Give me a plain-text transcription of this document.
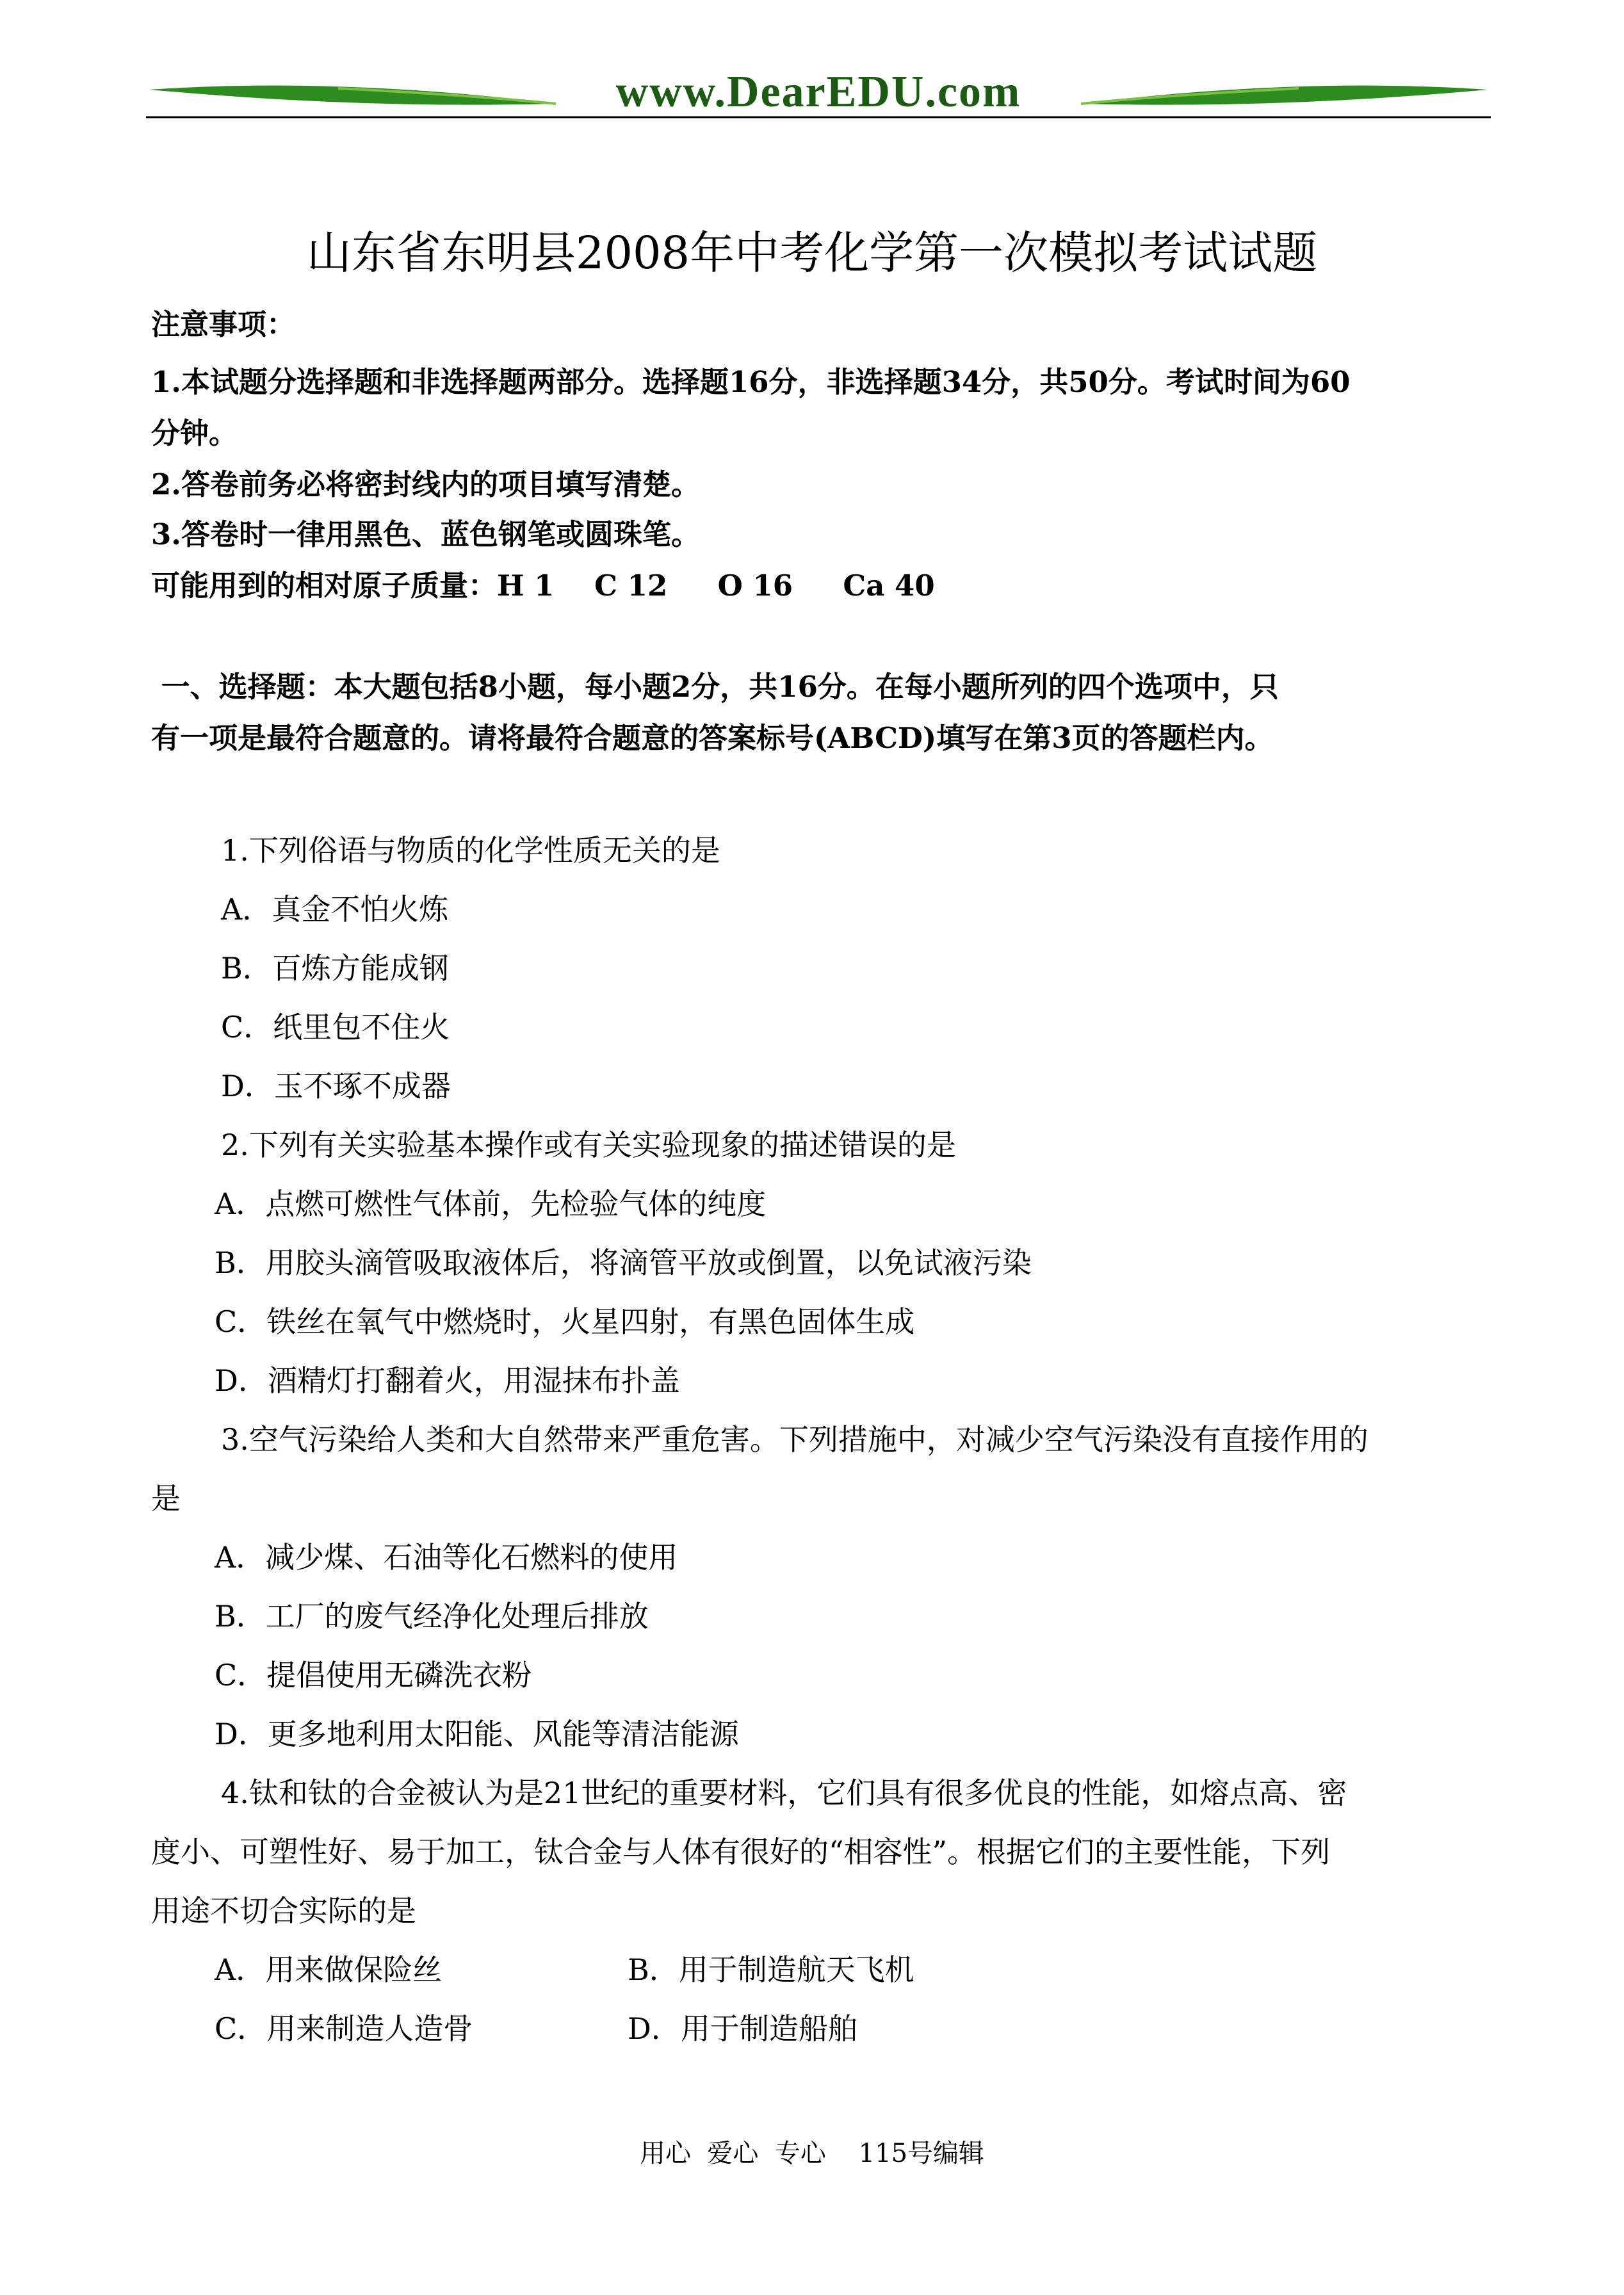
www.DearEDU.com
山东省东明县2008年中考化学第一次模拟考试试题
注意事项：
1.本试题分选择题和非选择题两部分。选择题16分，非选择题34分，共50分。考试时间为60
分钟。
2.答卷前务必将密封线内的项目填写清楚。
3.答卷时一律用黑色、蓝色钢笔或圆珠笔。
可能用到的相对原子质量：H 1    C 12     O 16     Ca 40
一、选择题：本大题包括8小题，每小题2分，共16分。在每小题所列的四个选项中，只
有一项是最符合题意的。请将最符合题意的答案标号(ABCD)填写在第3页的答题栏内。
1.下列俗语与物质的化学性质无关的是
A．真金不怕火炼
B．百炼方能成钢
C．纸里包不住火
D．玉不琢不成器
2.下列有关实验基本操作或有关实验现象的描述错误的是
A．点燃可燃性气体前，先检验气体的纯度
B．用胶头滴管吸取液体后，将滴管平放或倒置，以免试液污染
C．铁丝在氧气中燃烧时，火星四射，有黑色固体生成
D．酒精灯打翻着火，用湿抹布扑盖
3.空气污染给人类和大自然带来严重危害。下列措施中，对减少空气污染没有直接作用的
是
A．减少煤、石油等化石燃料的使用
B．工厂的废气经净化处理后排放
C．提倡使用无磷洗衣粉
D．更多地利用太阳能、风能等清洁能源
4.钛和钛的合金被认为是21世纪的重要材料，它们具有很多优良的性能，如熔点高、密
度小、可塑性好、易于加工，钛合金与人体有很好的“相容性”。根据它们的主要性能，下列
用途不切合实际的是
A．用来做保险丝	B．用于制造航天飞机
C．用来制造人造骨	D．用于制造船舶
用心  爱心  专心    115号编辑
